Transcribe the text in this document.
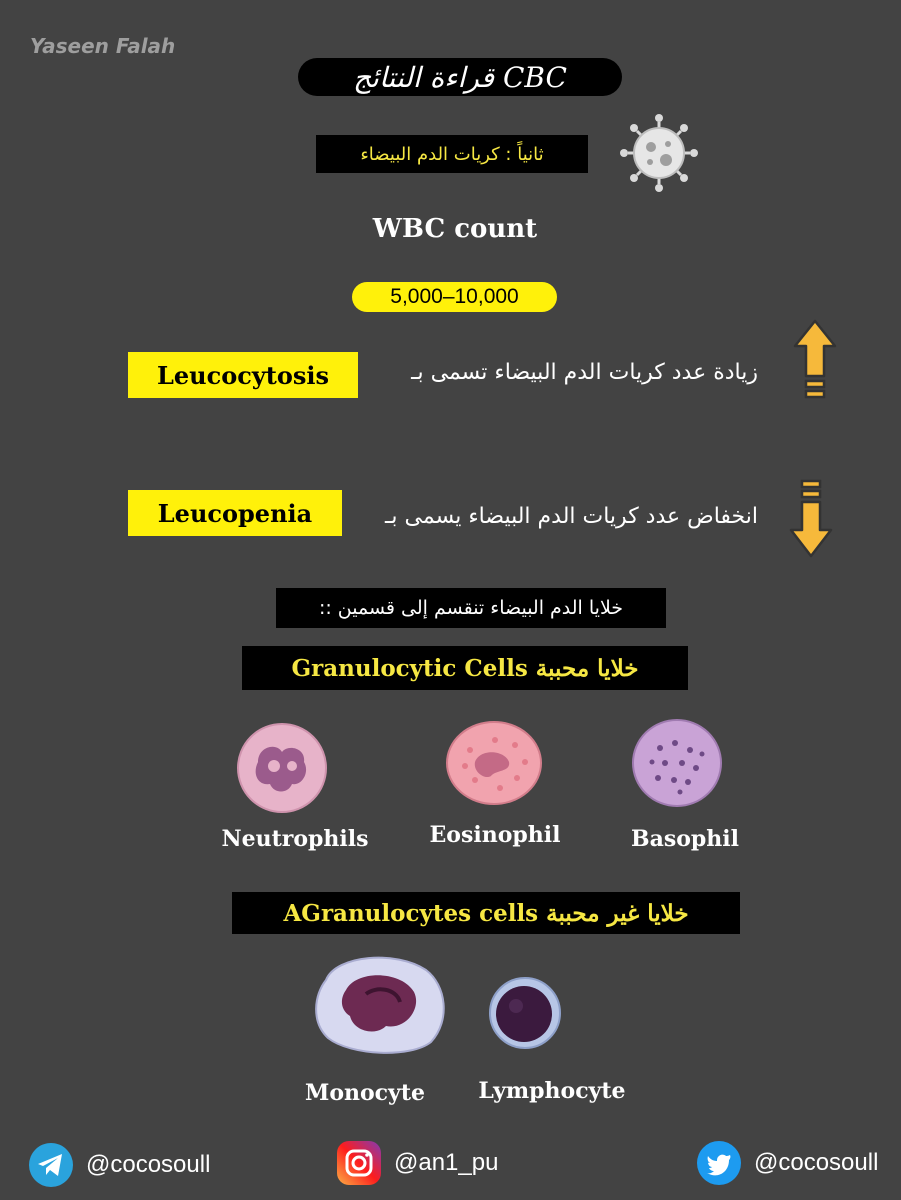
Yaseen Falah
قراءة النتائج CBC
ثانياً : كريات الدم البيضاء
WBC count
5,000–10,000
Leucocytosis	زيادة عدد كريات الدم البيضاء تسمى بـ
Leucopenia	انخفاض عدد كريات الدم البيضاء يسمى بـ
خلايا الدم البيضاء تنقسم إلى قسمين ::
خلايا محببة Granulocytic Cells
Neutrophils	Eosinophil	Basophil
خلايا غير محببة AGranulocytes cells
Monocyte	Lymphocyte
@cocosoull	@an1_pu	@cocosoull
